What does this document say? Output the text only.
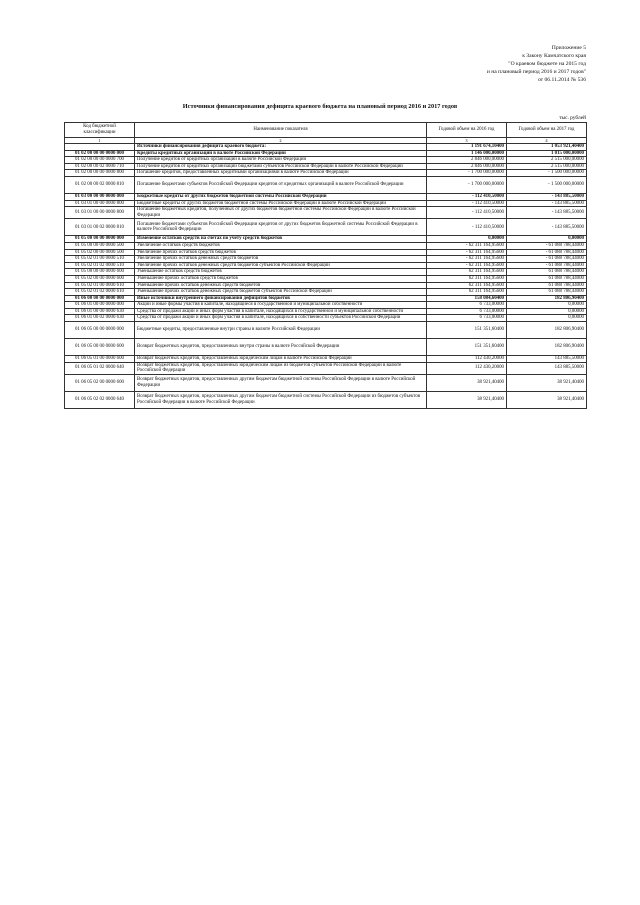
Приложение 5
к Закону Камчатского края
"О краевом бюджете на 2015 год
и на плановый период 2016 и 2017 годов"
от 06.11.2014 № 536
Источники финансирования дефицита краевого бюджета на плановый период 2016 и 2017 годов
тыс. рублей
Код бюджетной классификации	Наименование показателя	Годовой объем на 2016 год	Годовой объем на 2017 год
1	2	3	4
	Источники финансирования дефицита краевого бюджета:	1 191 674,10400	1 053 921,40400
01 02 00 00 00 0000 000	Кредиты кредитных организаций в валюте Российской Федерации	1 146 000,00000	1 015 000,00000
01 02 00 00 00 0000 700	Получение кредитов от кредитных организаций в валюте Российской Федерации	2 846 000,00000	2 515 000,00000
01 02 00 00 02 0000 710	Получение кредитов от кредитных организаций бюджетами субъектов Российской Федерации в валюте Российской Федерации	2 846 000,00000	2 515 000,00000
01 02 00 00 00 0000 800	Погашение кредитов, предоставленных кредитными организациями в валюте Российской Федерации	- 1 700 000,00000	- 1 500 000,00000
01 02 00 00 02 0000 810	Погашение бюджетами субъектов Российской Федерации кредитов от кредитных организаций в валюте Российской Федерации	- 1 700 000,00000	- 1 500 000,00000
01 03 00 00 00 0000 000	Бюджетные кредиты от других бюджетов бюджетной системы Российской Федерации	- 112 410,50000	- 143 885,50000
01 03 01 00 00 0000 800	Бюджетные кредиты от других бюджетов бюджетной системы Российской Федерации в валюте Российской Федерации	- 112 410,50000	- 143 885,50000
01 03 01 00 00 0000 800	Погашение бюджетных кредитов, полученных от других бюджетов бюджетной системы Российской Федерации в валюте Российской Федерации	- 112 410,50000	- 143 885,50000
01 03 01 00 02 0000 810	Погашение бюджетами субъектов Российской Федерации кредитов от других бюджетов бюджетной системы Российской Федерации в валюте Российской Федерации	- 112 410,50000	- 143 885,50000
01 05 00 00 00 0000 000	Изменение остатков средств на счетах по учету средств бюджетов	0,00000	0,00000
01 05 00 00 00 0000 500	Увеличение остатков средств бюджетов	- 62 311 164,95600	- 61 088 788,44000
01 05 02 00 00 0000 500	Увеличение прочих остатков средств бюджетов	- 62 311 164,95600	- 61 088 788,44000
01 05 02 01 00 0000 510	Увеличение прочих остатков денежных средств бюджетов	- 62 311 164,95600	- 61 088 788,44000
01 05 02 01 02 0000 510	Увеличение прочих остатков денежных средств бюджетов субъектов Российской Федерации	- 62 311 164,95600	- 61 088 788,44000
01 05 00 00 00 0000 600	Уменьшение остатков средств бюджетов	62 311 164,95600	61 088 788,44000
01 05 02 00 00 0000 600	Уменьшение прочих остатков средств бюджетов	62 311 164,95600	61 088 788,44000
01 05 02 01 00 0000 610	Уменьшение прочих остатков денежных средств бюджетов	62 311 164,95600	61 088 788,44000
01 05 02 01 02 0000 610	Уменьшение прочих остатков денежных средств бюджетов субъектов Российской Федерации	62 311 164,95600	61 088 788,44000
01 06 00 00 00 0000 000	Иные источники внутреннего финансирования дефицитов бюджетов	158 084,60400	182 806,90400
01 06 01 00 00 0000 000	Акции и иные формы участия в капитале, находящиеся в государственной и муниципальной собственности	6 733,00000	0,00000
01 06 01 00 00 0000 630	Средства от продажи акций и иных форм участия в капитале, находящихся в государственной и муниципальной собственности	6 733,00000	0,00000
01 06 01 00 02 0000 630	Средства от продажи акций и иных форм участия в капитале, находящихся в собственности субъектов Российской Федерации	6 733,00000	0,00000
01 06 05 00 00 0000 000	Бюджетные кредиты, предоставленные внутри страны в валюте Российской Федерации	151 351,60400	182 806,90400
01 06 05 00 00 0000 600	Возврат бюджетных кредитов, предоставленных внутри страны в валюте Российской Федерации	151 351,60400	182 806,90400
01 06 05 01 00 0000 600	Возврат бюджетных кредитов, предоставленных юридическим лицам в валюте Российской Федерации	112 430,20000	143 885,50000
01 06 05 01 02 0000 640	Возврат бюджетных кредитов, предоставленных юридическим лицам из бюджетов субъектов Российской Федерации в валюте Российской Федерации	112 430,20000	143 885,50000
01 06 05 02 00 0000 600	Возврат бюджетных кредитов, предоставленных другим бюджетам бюджетной системы Российской Федерации в валюте Российской Федерации	38 921,40400	38 921,40400
01 06 05 02 02 0000 640	Возврат бюджетных кредитов, предоставленных другим бюджетам бюджетной системы Российской Федерации из бюджетов субъектов Российской Федерации в валюте Российской Федерации	38 921,40400	38 921,40400
